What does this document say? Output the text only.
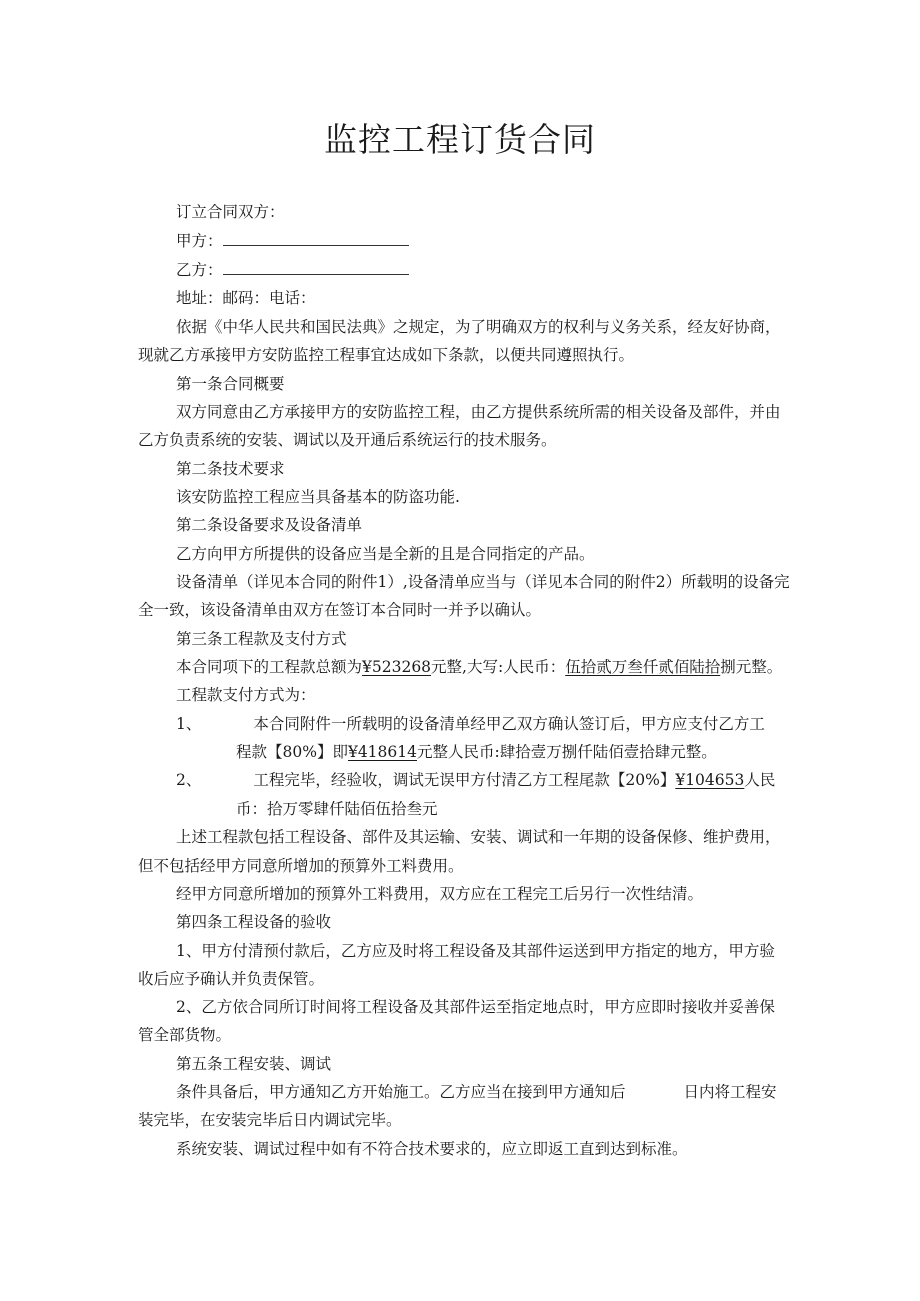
监控工程订货合同
订立合同双方：
甲方：
乙方：
地址：邮码：电话：
依据《中华人民共和国民法典》之规定，为了明确双方的权利与义务关系，经友好协商，
现就乙方承接甲方安防监控工程事宜达成如下条款，以便共同遵照执行。
第一条合同概要
双方同意由乙方承接甲方的安防监控工程，由乙方提供系统所需的相关设备及部件，并由
乙方负责系统的安装、调试以及开通后系统运行的技术服务。
第二条技术要求
该安防监控工程应当具备基本的防盗功能.
第二条设备要求及设备清单
乙方向甲方所提供的设备应当是全新的且是合同指定的产品。
设备清单（详见本合同的附件1）,设备清单应当与（详见本合同的附件2）所载明的设备完
全一致，该设备清单由双方在签订本合同时一并予以确认。
第三条工程款及支付方式
本合同项下的工程款总额为¥523268元整,大写:人民币：伍拾贰万叁仟贰佰陆拾捌元整。
工程款支付方式为：
1、	本合同附件一所载明的设备清单经甲乙双方确认签订后，甲方应支付乙方工
程款【80%】即¥418614元整人民币:肆拾壹万捌仟陆佰壹拾肆元整。
2、	工程完毕，经验收，调试无误甲方付清乙方工程尾款【20%】¥104653人民
币：拾万零肆仟陆佰伍拾叁元
上述工程款包括工程设备、部件及其运输、安装、调试和一年期的设备保修、维护费用，
但不包括经甲方同意所增加的预算外工料费用。
经甲方同意所增加的预算外工料费用，双方应在工程完工后另行一次性结清。
第四条工程设备的验收
1、甲方付清预付款后，乙方应及时将工程设备及其部件运送到甲方指定的地方，甲方验
收后应予确认并负责保管。
2、乙方依合同所订时间将工程设备及其部件运至指定地点时，甲方应即时接收并妥善保
管全部货物。
第五条工程安装、调试
条件具备后，甲方通知乙方开始施工。乙方应当在接到甲方通知后	日内将工程安
装完毕，在安装完毕后日内调试完毕。
系统安装、调试过程中如有不符合技术要求的，应立即返工直到达到标准。
